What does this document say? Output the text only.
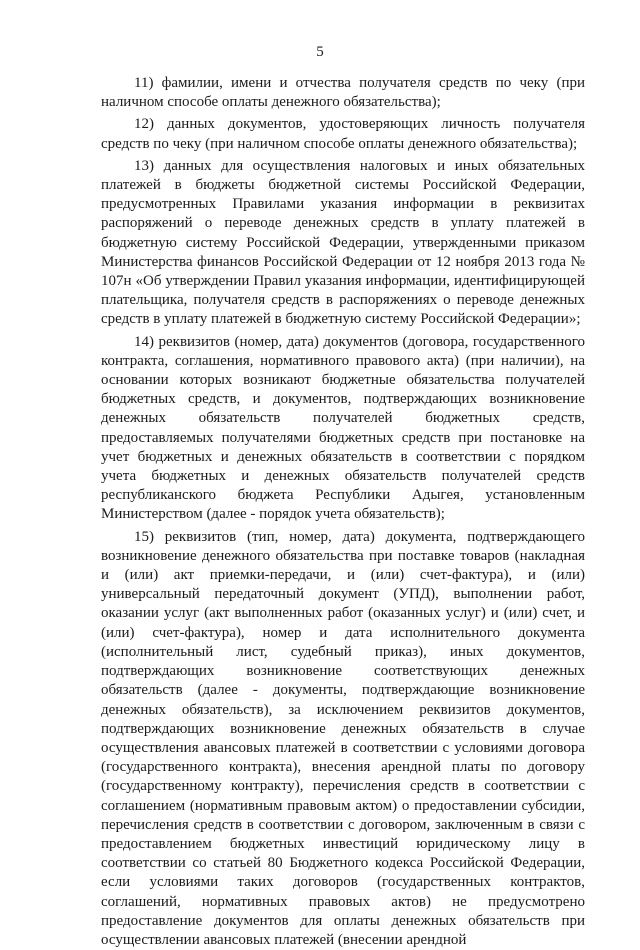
5

11) фамилии, имени и отчества получателя средств по чеку (при наличном способе оплаты денежного обязательства);

12) данных документов, удостоверяющих личность получателя средств по чеку (при наличном способе оплаты денежного обязательства);

13) данных для осуществления налоговых и иных обязательных платежей в бюджеты бюджетной системы Российской Федерации, предусмотренных Правилами указания информации в реквизитах распоряжений о переводе денежных средств в уплату платежей в бюджетную систему Российской Федерации, утвержденными приказом Министерства финансов Российской Федерации от 12 ноября 2013 года № 107н «Об утверждении Правил указания информации, идентифицирующей плательщика, получателя средств в распоряжениях о переводе денежных средств в уплату платежей в бюджетную систему Российской Федерации»;

14) реквизитов (номер, дата) документов (договора, государственного контракта, соглашения, нормативного правового акта) (при наличии), на основании которых возникают бюджетные обязательства получателей бюджетных средств, и документов, подтверждающих возникновение денежных обязательств получателей бюджетных средств, предоставляемых получателями бюджетных средств при постановке на учет бюджетных и денежных обязательств в соответствии с порядком учета бюджетных и денежных обязательств получателей средств республиканского бюджета Республики Адыгея, установленным Министерством (далее - порядок учета обязательств);

15) реквизитов (тип, номер, дата) документа, подтверждающего возникновение денежного обязательства при поставке товаров (накладная и (или) акт приемки-передачи, и (или) счет-фактура), и (или) универсальный передаточный документ (УПД), выполнении работ, оказании услуг (акт выполненных работ (оказанных услуг) и (или) счет, и (или) счет-фактура), номер и дата исполнительного документа (исполнительный лист, судебный приказ), иных документов, подтверждающих возникновение соответствующих денежных обязательств (далее - документы, подтверждающие возникновение денежных обязательств), за исключением реквизитов документов, подтверждающих возникновение денежных обязательств в случае осуществления авансовых платежей в соответствии с условиями договора (государственного контракта), внесения арендной платы по договору (государственному контракту), перечисления средств в соответствии с соглашением (нормативным правовым актом) о предоставлении субсидии, перечисления средств в соответствии с договором, заключенным в связи с предоставлением бюджетных инвестиций юридическому лицу в соответствии со статьей 80 Бюджетного кодекса Российской Федерации, если условиями таких договоров (государственных контрактов, соглашений, нормативных правовых актов) не предусмотрено предоставление документов для оплаты денежных обязательств при осуществлении авансовых платежей (внесении арендной
